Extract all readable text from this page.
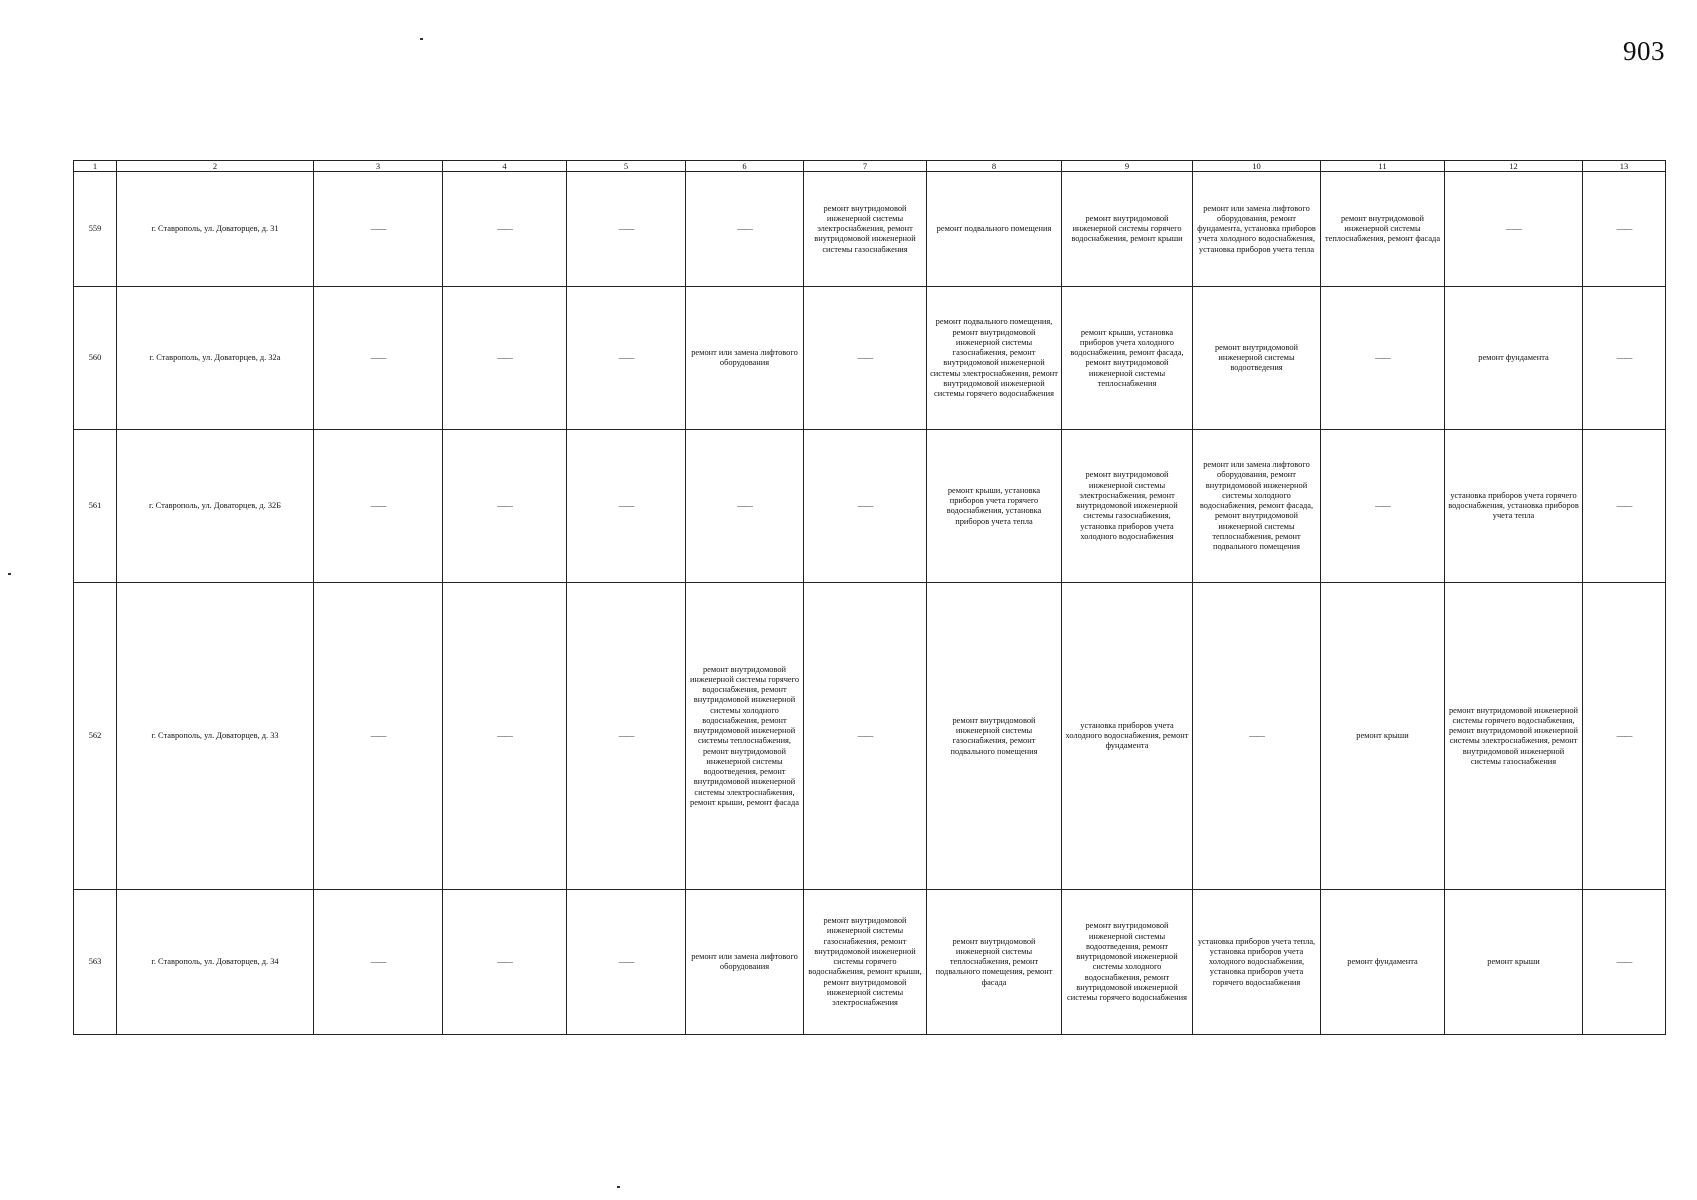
903
1	2	3	4	5	6	7	8	9	10	11	12	13
559	г. Ставрополь, ул. Доваторцев, д. 31	——	——	——	——	ремонт внутридомовой инженерной системы электроснабжения, ремонт внутридомовой инженерной системы газоснабжения	ремонт подвального помещения	ремонт внутридомовой инженерной системы горячего водоснабжения, ремонт крыши	ремонт или замена лифтового оборудования, ремонт фундамента, установка приборов учета холодного водоснабжения, установка приборов учета тепла	ремонт внутридомовой инженерной системы теплоснабжения, ремонт фасада	——	——
560	г. Ставрополь, ул. Доваторцев, д. 32а	——	——	——	ремонт или замена лифтового оборудования	——	ремонт подвального помещения, ремонт внутридомовой инженерной системы газоснабжения, ремонт внутридомовой инженерной системы электроснабжения, ремонт внутридомовой инженерной системы горячего водоснабжения	ремонт крыши, установка приборов учета холодного водоснабжения, ремонт фасада, ремонт внутридомовой инженерной системы теплоснабжения	ремонт внутридомовой инженерной системы водоотведения	——	ремонт фундамента	——
561	г. Ставрополь, ул. Доваторцев, д. 32Б	——	——	——	——	——	ремонт крыши, установка приборов учета горячего водоснабжения, установка приборов учета тепла	ремонт внутридомовой инженерной системы электроснабжения, ремонт внутридомовой инженерной системы газоснабжения, установка приборов учета холодного водоснабжения	ремонт или замена лифтового оборудования, ремонт внутридомовой инженерной системы холодного водоснабжения, ремонт фасада, ремонт внутридомовой инженерной системы теплоснабжения, ремонт подвального помещения	——	установка приборов учета горячего водоснабжения, установка приборов учета тепла	——
562	г. Ставрополь, ул. Доваторцев, д. 33	——	——	——	ремонт внутридомовой инженерной системы горячего водоснабжения, ремонт внутридомовой инженерной системы холодного водоснабжения, ремонт внутридомовой инженерной системы теплоснабжения, ремонт внутридомовой инженерной системы водоотведения, ремонт внутридомовой инженерной системы электроснабжения, ремонт крыши, ремонт фасада	——	ремонт внутридомовой инженерной системы газоснабжения, ремонт подвального помещения	установка приборов учета холодного водоснабжения, ремонт фундамента	——	ремонт крыши	ремонт внутридомовой инженерной системы горячего водоснабжения, ремонт внутридомовой инженерной системы электроснабжения, ремонт внутридомовой инженерной системы газоснабжения	——
563	г. Ставрополь, ул. Доваторцев, д. 34	——	——	——	ремонт или замена лифтового оборудования	ремонт внутридомовой инженерной системы газоснабжения, ремонт внутридомовой инженерной системы горячего водоснабжения, ремонт крыши, ремонт внутридомовой инженерной системы электроснабжения	ремонт внутридомовой инженерной системы теплоснабжения, ремонт подвального помещения, ремонт фасада	ремонт внутридомовой инженерной системы водоотведения, ремонт внутридомовой инженерной системы холодного водоснабжения, ремонт внутридомовой инженерной системы горячего водоснабжения	установка приборов учета тепла, установка приборов учета холодного водоснабжения, установка приборов учета горячего водоснабжения	ремонт фундамента	ремонт крыши	——
